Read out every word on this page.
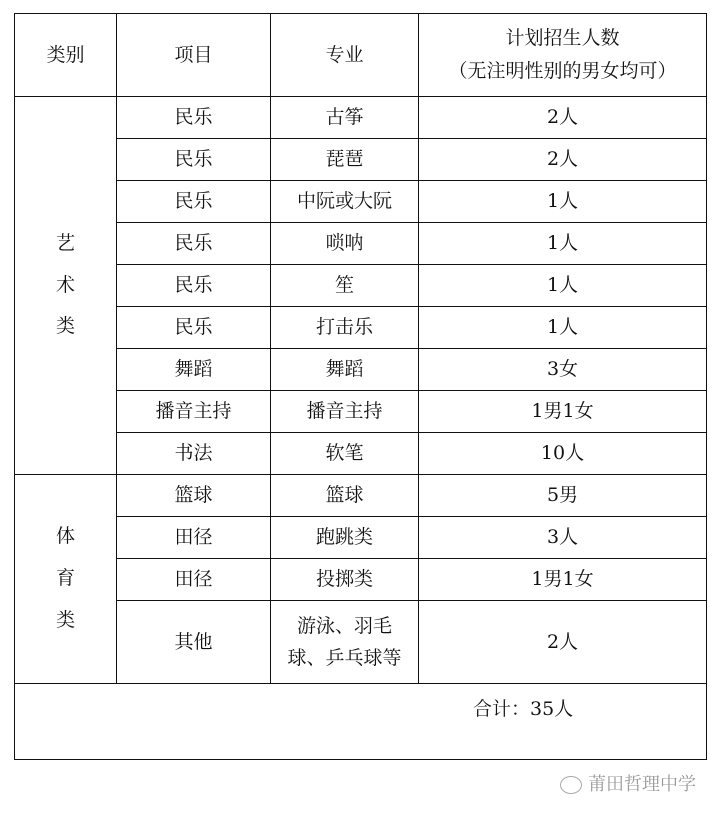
类别	项目	专业	计划招生人数
（无注明性别的男女均可）

艺
术
类	民乐	古筝	2人
	民乐	琵琶	2人
	民乐	中阮或大阮	1人
	民乐	唢呐	1人
	民乐	笙	1人
	民乐	打击乐	1人
	舞蹈	舞蹈	3女
	播音主持	播音主持	1男1女
	书法	软笔	10人

体
育
类	篮球	篮球	5男
	田径	跑跳类	3人
	田径	投掷类	1男1女
	其他	游泳、羽毛
球、乒乓球等	2人
合计：35人			
莆田哲理中学
